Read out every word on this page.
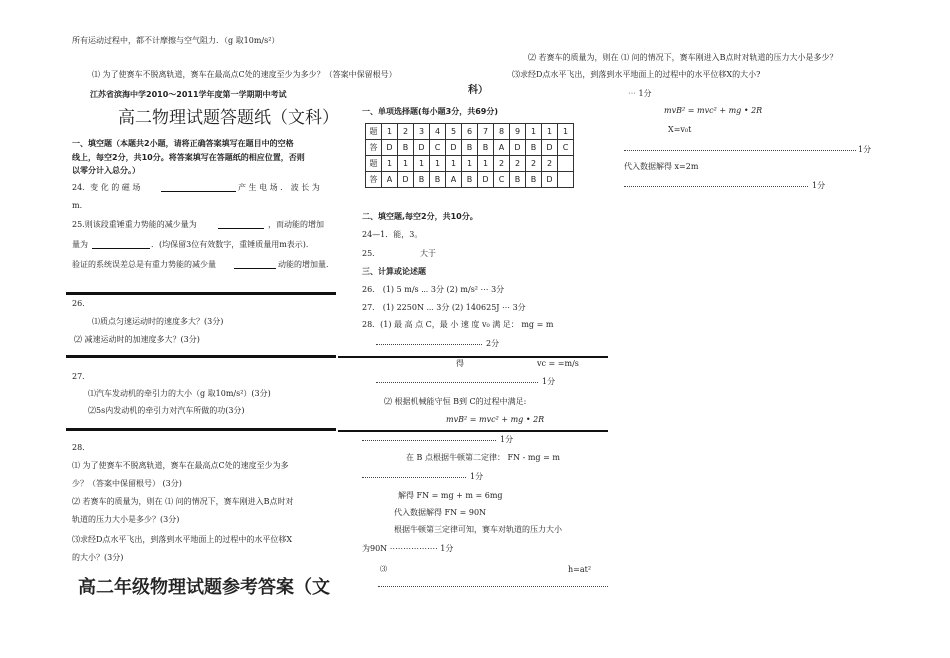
所有运动过程中，都不计摩擦与空气阻力．（g 取10m/s²）
⑴ 为了使赛车不脱离轨道，赛车在最高点C处的速度至少为多少？（答案中保留根号）
江苏省滨海中学2010～2011学年度第一学期期中考试
高二物理试题答题纸（文科）
一、填空题（本题共2小题，请将正确答案填写在题目中的空格
线上，每空2分，共10分。将答案填写在答题纸的相应位置，否则
以零分计入总分。）
24．变 化 的 磁 场	产 生 电 场 ． 波 长 为
m．
25.则该段重锤重力势能的减少量为	，而动能的增加
量为	．(均保留3位有效数字，重锤质量用m表示)．
验证的系统误差总是有重力势能的减少量	动能的增加量．
26．
⑴质点匀速运动时的速度多大？(3分)
⑵ 减速运动时的加速度多大？(3分)
27．
⑴汽车发动机的牵引力的大小（g 取10m/s²）(3分)
⑵5s内发动机的牵引力对汽车所做的功(3分)
28．
⑴ 为了使赛车不脱离轨道，赛车在最高点C处的速度至少为多
少？（答案中保留根号） (3分)
⑵ 若赛车的质量为，则在 ⑴ 问的情况下，赛车刚进入B点时对
轨道的压力大小是多少？(3分)
⑶求经D点水平飞出，到落到水平地面上的过程中的水平位移X
的大小？(3分)
高二年级物理试题参考答案（文
科）
一、单项选择题(每小题3分，共69分)
题	1	2	3	4	5	6	7	8	9	1	1	1
答	D	B	D	C	D	B	B	A	D	B	D	C
题	1	1	1	1	1	1	1	2	2	2	2	
答	A	D	B	B	A	B	D	C	B	B	D	
二、填空题,每空2分，共10分。
24—1．能，3。
25．	大于
三、计算或论述题
26． (1) 5 m/s ⋯ 3分 (2) m/s² ⋯ 3分
27． (1) 2250N ⋯ 3分 (2) 140625J ⋯ 3分
28．(1) 最 高 点 C，最 小 速 度 v₀ 满 足： mg = m
2分
得	vc = =m/s
1分
⑵ 根据机械能守恒 B到 C的过程中满足:
mvB² = mvc² + mg • 2R
1分
在 B 点根据牛顿第二定律： FN - mg = m
1分
解得 FN = mg + m = 6mg
代入数据解得 FN = 90N
根据牛顿第三定律可知，赛车对轨道的压力大小
为90N ⋯⋯⋯⋯⋯⋯ 1分
⑶	h=at²
⑵ 若赛车的质量为，则在 ⑴ 问的情况下，赛车刚进入B点时对轨道的压力大小是多少？
⑶求经D点水平飞出，到落到水平地面上的过程中的水平位移X的大小?
⋯ 1分
mvB² = mvc² + mg • 2R
X=v₀t
1分
代入数据解得 x=2m
1分
